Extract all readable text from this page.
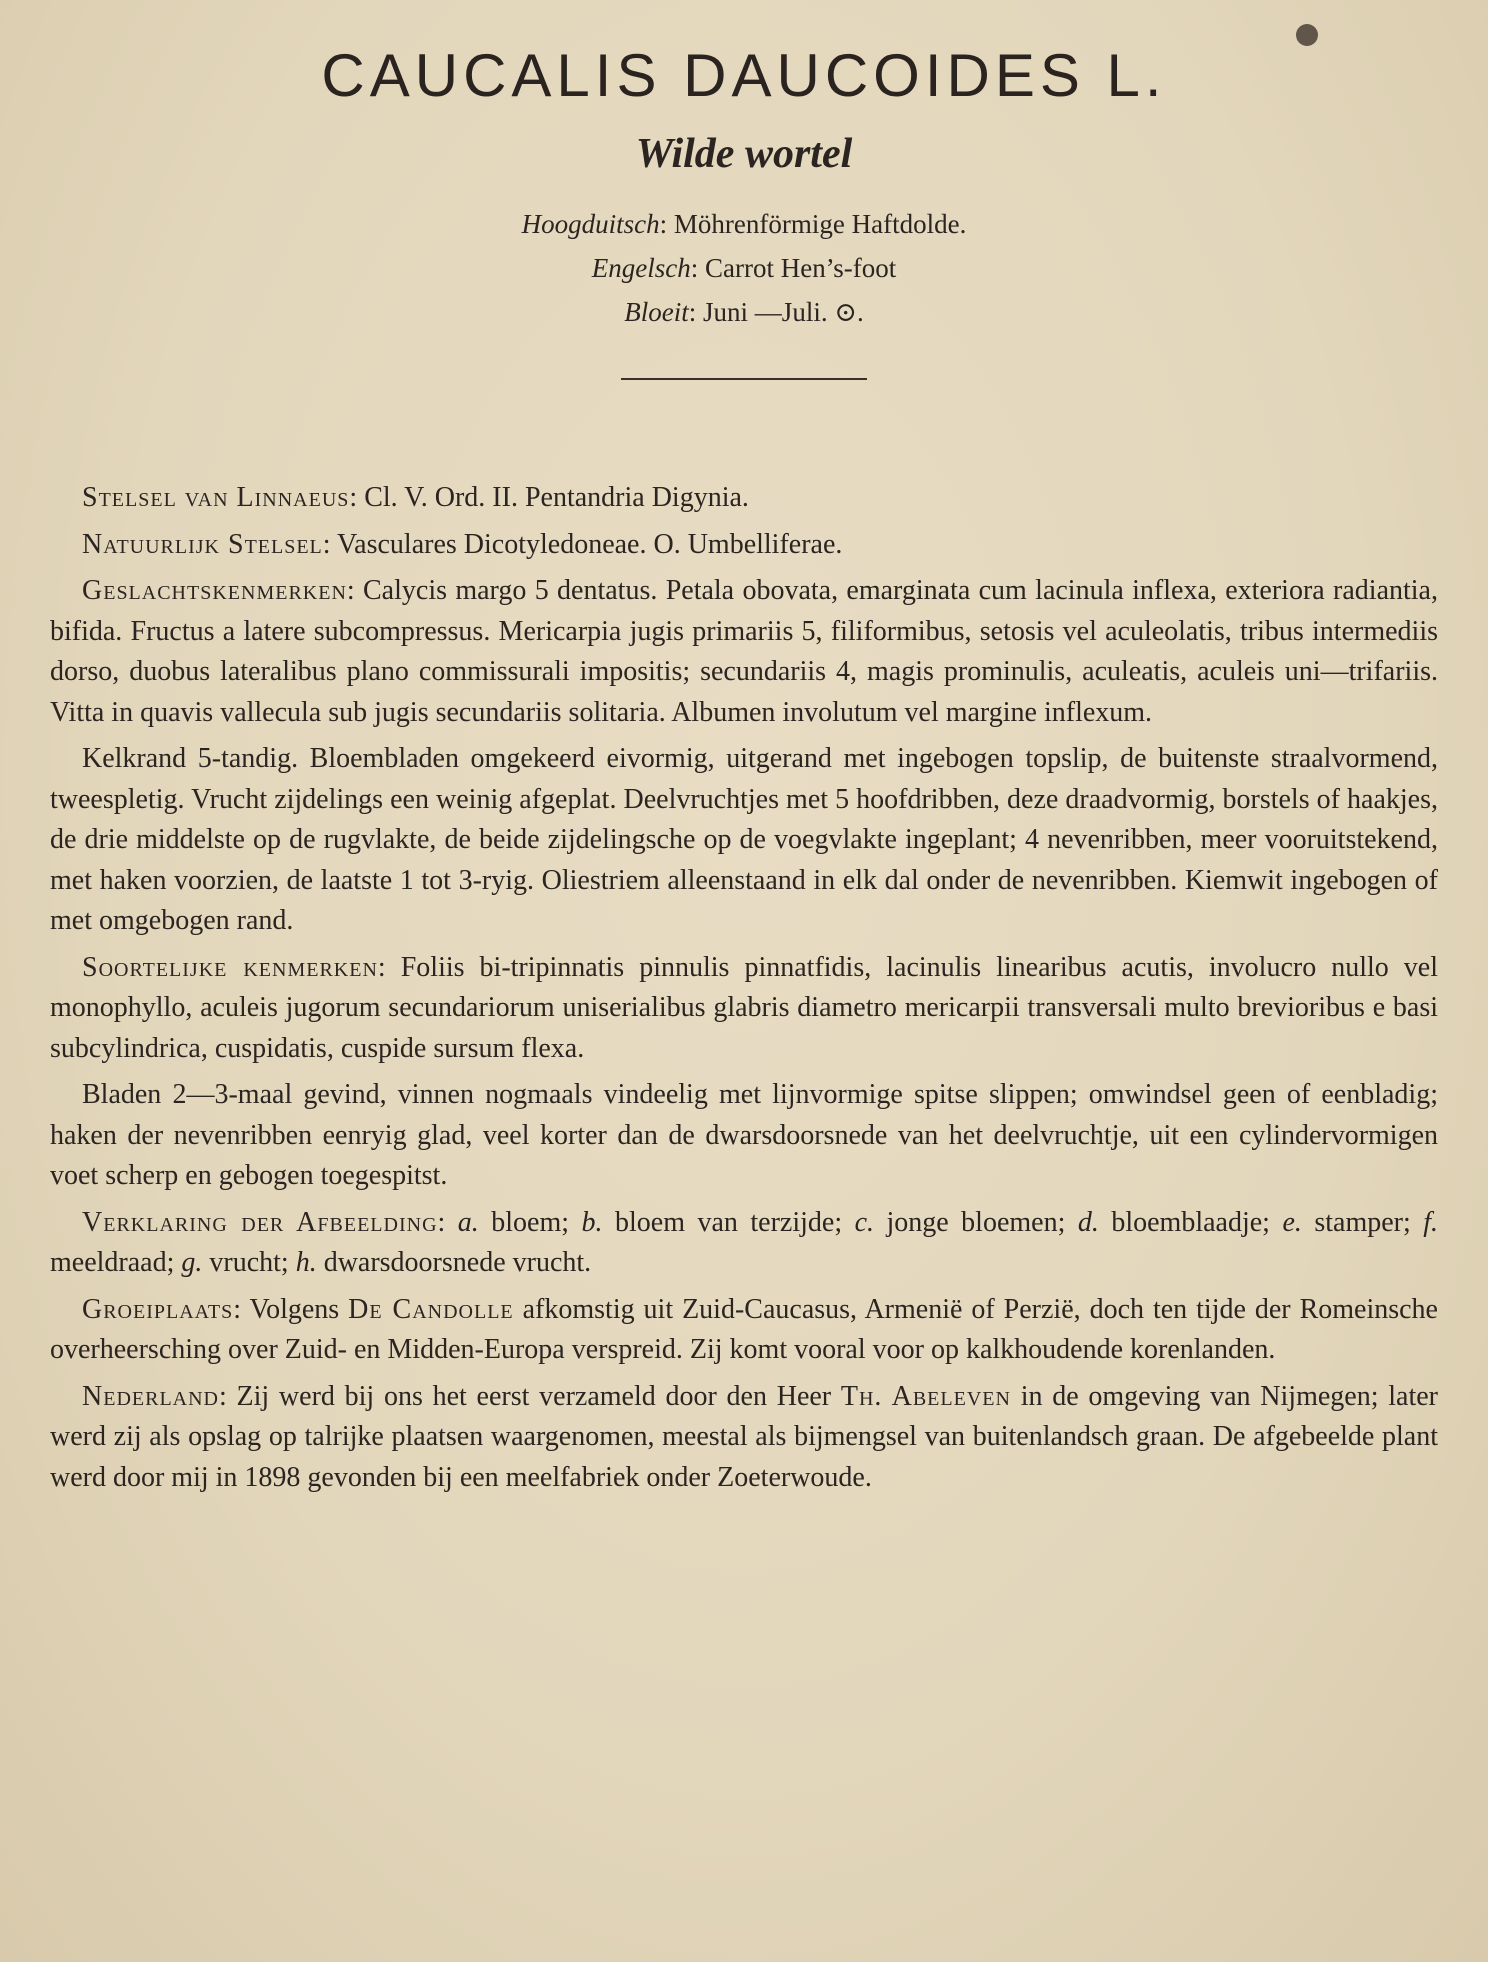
CAUCALIS DAUCOIDES L.
Wilde wortel
Hoogduitsch: Möhrenförmige Haftdolde.
Engelsch: Carrot Hen’s-foot
Bloeit: Juni —Juli. ⊙.

Stelsel van Linnaeus: Cl. V. Ord. II. Pentandria Digynia.

Natuurlijk Stelsel: Vasculares Dicotyledoneae. O. Umbelliferae.

Geslachtskenmerken: Calycis margo 5 dentatus. Petala obovata, emarginata cum lacinula inflexa, exteriora radiantia, bifida. Fructus a latere subcompressus. Mericarpia jugis primariis 5, filiformibus, setosis vel aculeolatis, tribus intermediis dorso, duobus lateralibus plano commissurali impositis; secundariis 4, magis prominulis, aculeatis, aculeis uni—trifariis. Vitta in quavis vallecula sub jugis secundariis solitaria. Albumen involutum vel margine inflexum.

Kelkrand 5-tandig. Bloembladen omgekeerd eivormig, uitgerand met ingebogen topslip, de buitenste straalvormend, tweespletig. Vrucht zijdelings een weinig afgeplat. Deelvruchtjes met 5 hoofdribben, deze draadvormig, borstels of haakjes, de drie middelste op de rugvlakte, de beide zijdelingsche op de voegvlakte ingeplant; 4 nevenribben, meer vooruitstekend, met haken voorzien, de laatste 1 tot 3-ryig. Oliestriem alleenstaand in elk dal onder de nevenribben. Kiemwit ingebogen of met omgebogen rand.

Soortelijke kenmerken: Foliis bi-tripinnatis pinnulis pinnatfidis, lacinulis linearibus acutis, involucro nullo vel monophyllo, aculeis jugorum secundariorum uniserialibus glabris diametro mericarpii transversali multo brevioribus e basi subcylindrica, cuspidatis, cuspide sursum flexa.

Bladen 2—3-maal gevind, vinnen nogmaals vindeelig met lijnvormige spitse slippen; omwindsel geen of eenbladig; haken der nevenribben eenryig glad, veel korter dan de dwarsdoorsnede van het deelvruchtje, uit een cylindervormigen voet scherp en gebogen toegespitst.

Verklaring der Afbeelding: a. bloem; b. bloem van terzijde; c. jonge bloemen; d. bloemblaadje; e. stamper; f. meeldraad; g. vrucht; h. dwarsdoorsnede vrucht.

Groeiplaats: Volgens De Candolle afkomstig uit Zuid-Caucasus, Armenië of Perzië, doch ten tijde der Romeinsche overheersching over Zuid- en Midden-Europa verspreid. Zij komt vooral voor op kalkhoudende korenlanden.

Nederland: Zij werd bij ons het eerst verzameld door den Heer Th. Abeleven in de omgeving van Nijmegen; later werd zij als opslag op talrijke plaatsen waargenomen, meestal als bijmengsel van buitenlandsch graan. De afgebeelde plant werd door mij in 1898 gevonden bij een meelfabriek onder Zoeterwoude.
